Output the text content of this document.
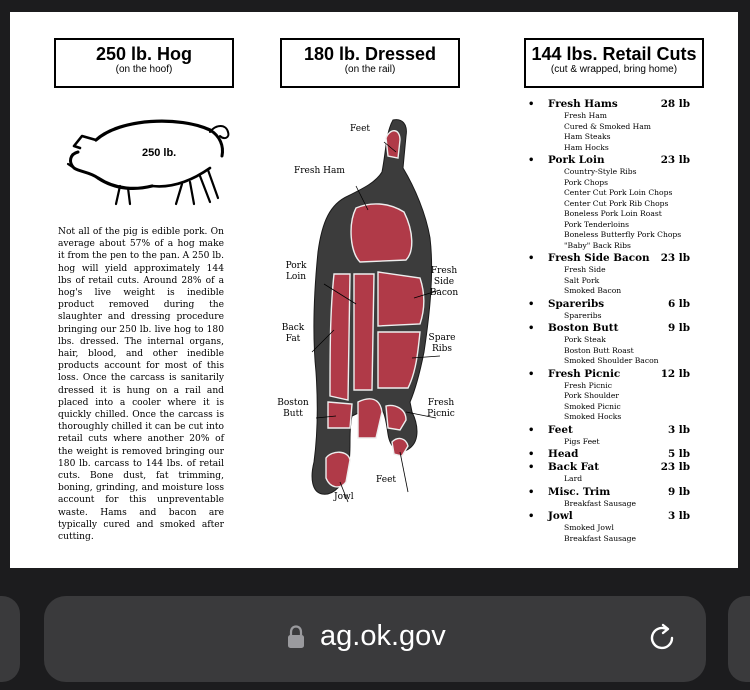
250 lb. Hog
(on the hoof)
180 lb. Dressed
(on the rail)
144 lbs. Retail Cuts
(cut & wrapped, bring home)
250 lb.

Not all of the pig is edible pork. On average about 57% of a hog make it from the pen to the pan. A 250 lb. hog will yield approximately 144 lbs of retail cuts. Around 28% of a hog's live weight is inedible product removed during the slaughter and dressing procedure bringing our 250 lb. live hog to 180 lbs. dressed. The internal organs, hair, blood, and other inedible products account for most of this loss. Once the carcass is sanitarily dressed it is hung on a rail and placed into a cooler where it is quickly chilled. Once the carcass is thoroughly chilled it can be cut into retail cuts where another 20% of the weight is removed bringing our 180 lb. carcass to 144 lbs. of retail cuts. Bone dust, fat trimming, boning, grinding, and moisture loss account for this unpreventable waste. Hams and bacon are typically cured and smoked after cutting.

Feet
Fresh Ham
Pork Loin
Fresh Side Bacon
Back Fat	Spare Ribs
Boston Butt
Fresh Picnic
Feet
Jowl
• Fresh Hams	28 lb
Fresh Ham
Cured & Smoked Ham
Ham Steaks
Ham Hocks
• Pork Loin	23 lb
Country-Style Ribs
Pork Chops
Center Cut Pork Loin Chops
Center Cut Pork Rib Chops
Boneless Pork Loin Roast
Pork Tenderloins
Boneless Butterfly Pork Chops
"Baby" Back Ribs
• Fresh Side Bacon 23 lb
Fresh Side
Salt Pork
Smoked Bacon
• Spareribs	6 lb
Spareribs
• Boston Butt	9 lb
Pork Steak
Boston Butt Roast
Smoked Shoulder Bacon
• Fresh Picnic	12 lb
Fresh Picnic
Pork Shoulder
Smoked Picnic
Smoked Hocks
• Feet	3 lb
Pigs Feet
• Head	5 lb
• Back Fat	23 lb
Lard
• Misc. Trim	9 lb
Breakfast Sausage
• Jowl	3 lb
Smoked Jowl
Breakfast Sausage
ag.ok.gov
